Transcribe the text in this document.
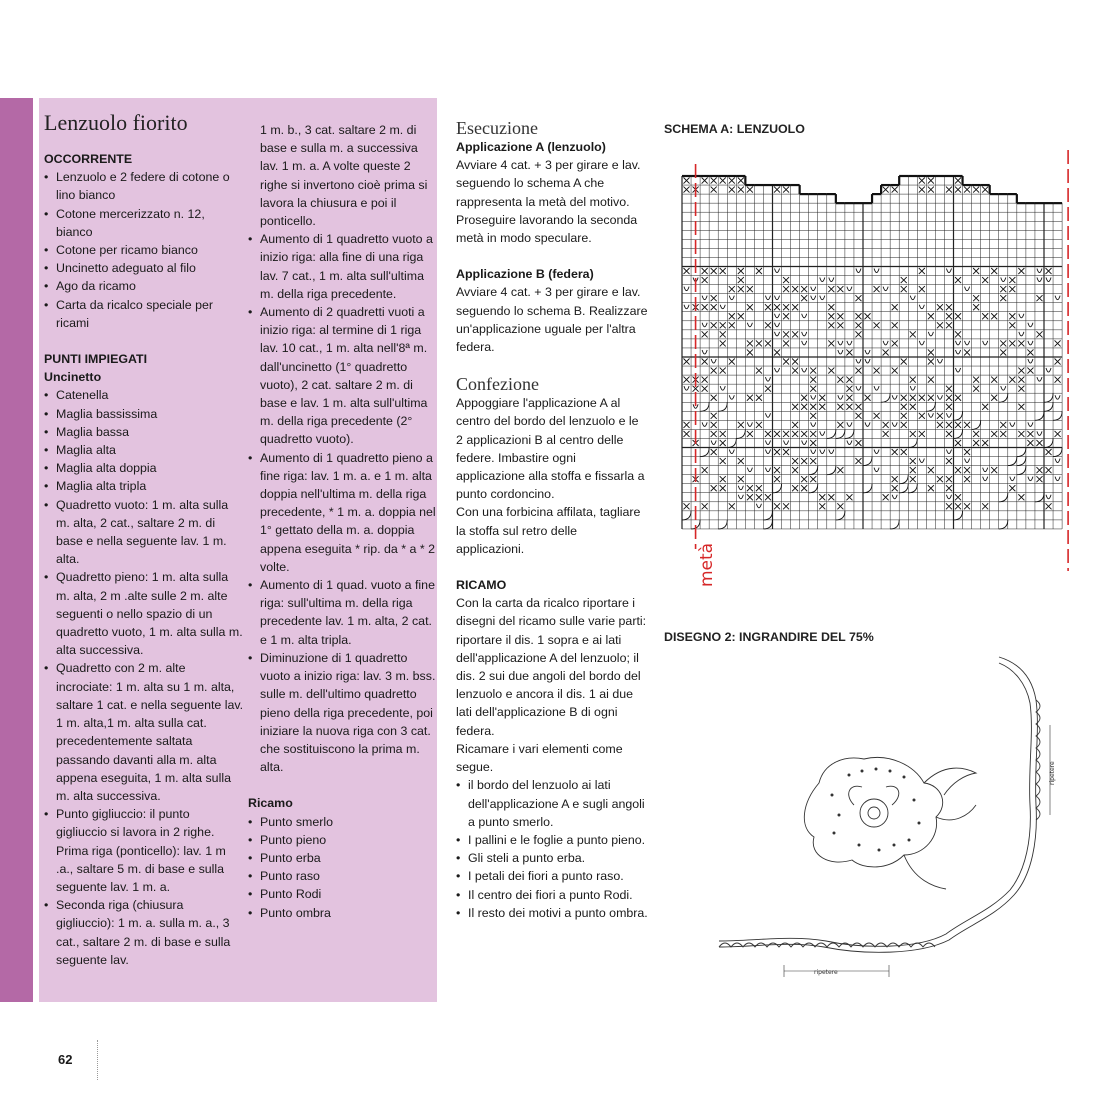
Lenzuolo fiorito
OCCORRENTE
• Lenzuolo e 2 federe di cotone o lino bianco
• Cotone mercerizzato n. 12, bianco
• Cotone per ricamo bianco
• Uncinetto adeguato al filo
• Ago da ricamo
• Carta da ricalco speciale per ricami
PUNTI IMPIEGATI
Uncinetto
• Catenella
• Maglia bassissima
• Maglia bassa
• Maglia alta
• Maglia alta doppia
• Maglia alta tripla
• Quadretto vuoto: 1 m. alta sulla m. alta, 2 cat., saltare 2 m. di base e nella seguente lav. 1 m. alta.
• Quadretto pieno: 1 m. alta sulla m. alta, 2 m .alte sulle 2 m. alte seguenti o nello spazio di un quadretto vuoto, 1 m. alta sulla m. alta successiva.
• Quadretto con 2 m. alte incrociate: 1 m. alta su 1 m. alta, saltare 1 cat. e nella seguente lav. 1 m. alta,1 m. alta sulla cat. precedentemente saltata passando davanti alla m. alta appena eseguita, 1 m. alta sulla m. alta successiva.
• Punto gigliuccio: il punto gigliuccio si lavora in 2 righe. Prima riga (ponticello): lav. 1 m .a., saltare 5 m. di base e sulla seguente lav. 1 m. a.
• Seconda riga (chiusura gigliuccio): 1 m. a. sulla m. a., 3 cat., saltare 2 m. di base e sulla seguente lav.

1 m. b., 3 cat. saltare 2 m. di base e sulla m. a successiva lav. 1 m. a. A volte queste 2 righe si invertono cioè prima si lavora la chiusura e poi il ponticello.

• Aumento di 1 quadretto vuoto a inizio riga: alla fine di una riga lav. 7 cat., 1 m. alta sull'ultima m. della riga precedente.
• Aumento di 2 quadretti vuoti a inizio riga: al termine di 1 riga lav. 10 cat., 1 m. alta nell'8ª m. dall'uncinetto (1° quadretto vuoto), 2 cat. saltare 2 m. di base e lav. 1 m. alta sull'ultima m. della riga precedente (2° quadretto vuoto).
• Aumento di 1 quadretto pieno a fine riga: lav. 1 m. a. e 1 m. alta doppia nell'ultima m. della riga precedente, * 1 m. a. doppia nel 1° gettato della m. a. doppia appena eseguita * rip. da * a * 2 volte.
• Aumento di 1 quad. vuoto a fine riga: sull'ultima m. della riga precedente lav. 1 m. alta, 2 cat. e 1 m. alta tripla.
• Diminuzione di 1 quadretto vuoto a inizio riga: lav. 3 m. bss. sulle m. dell'ultimo quadretto pieno della riga precedente, poi iniziare la nuova riga con 3 cat. che sostituiscono la prima m. alta.
Ricamo
• Punto smerlo
• Punto pieno
• Punto erba
• Punto raso
• Punto Rodi
• Punto ombra
Esecuzione
Applicazione A (lenzuolo)

Avviare 4 cat. + 3 per girare e lav. seguendo lo schema A che rappresenta la metà del motivo. Proseguire lavorando la seconda metà in modo speculare.

Applicazione B (federa)

Avviare 4 cat. + 3 per girare e lav. seguendo lo schema B. Realizzare un'applicazione uguale per l'altra federa.

Confezione

Appoggiare l'applicazione A al centro del bordo del lenzuolo e le 2 applicazioni B al centro delle federe. Imbastire ogni applicazione alla stoffa e fissarla a punto cordoncino.

Con una forbicina affilata, tagliare la stoffa sul retro delle applicazioni.

RICAMO

Con la carta da ricalco riportare i disegni del ricamo sulle varie parti: riportare il dis. 1 sopra e ai lati dell'applicazione A del lenzuolo; il dis. 2 sui due angoli del bordo del lenzuolo e ancora il dis. 1 ai due lati dell'applicazione B di ogni federa.

Ricamare i vari elementi come segue.

• il bordo del lenzuolo ai lati dell'applicazione A e sugli angoli a punto smerlo.
• I pallini e le foglie a punto pieno.
• Gli steli a punto erba.
• I petali dei fiori a punto raso.
• Il centro dei fiori a punto Rodi.
• Il resto dei motivi a punto ombra.
SCHEMA A: LENZUOLO
metà
DISEGNO 2: INGRANDIRE DEL 75%
ripetere
ripetere
62
